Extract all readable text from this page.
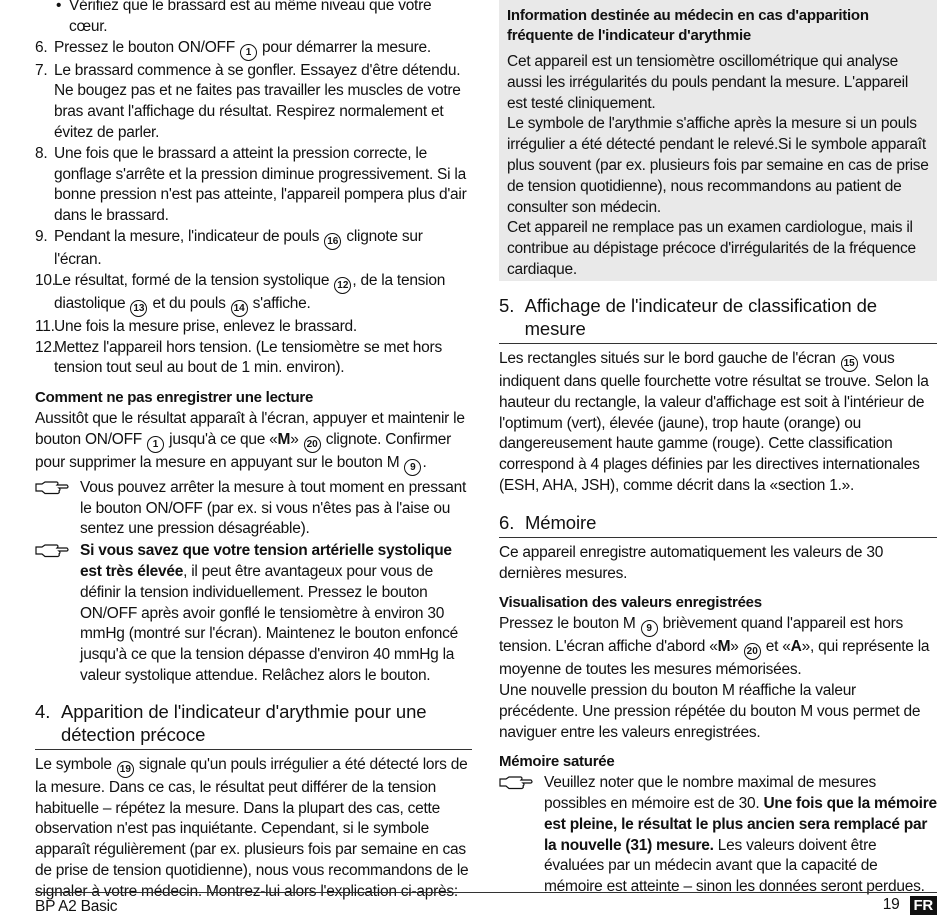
• Vérifiez que le brassard est au même niveau que votre cœur.
6. Pressez le bouton ON/OFF 1 pour démarrer la mesure.
7. Le brassard commence à se gonfler. Essayez d'être détendu. Ne bougez pas et ne faites pas travailler les muscles de votre bras avant l'affichage du résultat. Respirez normalement et évitez de parler.
8. Une fois que le brassard a atteint la pression correcte, le gonflage s'arrête et la pression diminue progressivement. Si la bonne pression n'est pas atteinte, l'appareil pompera plus d'air dans le brassard.
9. Pendant la mesure, l'indicateur de pouls 16 clignote sur l'écran.
10.
Le résultat, formé de la tension systolique 12 , de la tension diastolique 13 et du pouls 14 s'affiche.
11. Une fois la mesure prise, enlevez le brassard.
12.
Mettez l'appareil hors tension. (Le tensiomètre se met hors tension tout seul au bout de 1 min. environ).

Comment ne pas enregistrer une lecture

Aussitôt que le résultat apparaît à l'écran, appuyer et maintenir le bouton ON/OFF 1 jusqu'à ce que «M» 20 clignote. Confirmer pour supprimer la mesure en appuyant sur le bouton M 9 .

Vous pouvez arrêter la mesure à tout moment en pressant le bouton ON/OFF (par ex. si vous n'êtes pas à l'aise ou sentez une pression désagréable).
Si vous savez que votre tension artérielle systolique est très élevée, il peut être avantageux pour vous de définir la tension individuellement. Pressez le bouton ON/OFF après avoir gonflé le tensiomètre à environ 30 mmHg (montré sur l'écran). Maintenez le bouton enfoncé jusqu'à ce que la tension dépasse d'environ 40 mmHg la valeur systolique attendue. Relâchez alors le bouton.
4. Apparition de l'indicateur d'arythmie pour une détection précoce

Le symbole 19 signale qu'un pouls irrégulier a été détecté lors de la mesure. Dans ce cas, le résultat peut différer de la tension habituelle – répétez la mesure. Dans la plupart des cas, cette observation n'est pas inquiétante. Cependant, si le symbole apparaît régulièrement (par ex. plusieurs fois par semaine en cas de prise de tension quotidienne), nous vous recommandons de le signaler à votre médecin. Montrez-lui alors l'explication ci-après:

Information destinée au médecin en cas d'apparition fréquente de l'indicateur d'arythmie

Cet appareil est un tensiomètre oscillométrique qui analyse aussi les irrégularités du pouls pendant la mesure. L'appareil est testé cliniquement.

Le symbole de l'arythmie s'affiche après la mesure si un pouls irrégulier a été détecté pendant le relevé.Si le symbole apparaît plus souvent (par ex. plusieurs fois par semaine en cas de prise de tension quotidienne), nous recommandons au patient de consulter son médecin.

Cet appareil ne remplace pas un examen cardiologue, mais il contribue au dépistage précoce d'irrégularités de la fréquence cardiaque.

5. Affichage de l'indicateur de classification de mesure

Les rectangles situés sur le bord gauche de l'écran 15 vous indiquent dans quelle fourchette votre résultat se trouve. Selon la hauteur du rectangle, la valeur d'affichage est soit à l'intérieur de l'optimum (vert), élevée (jaune), trop haute (orange) ou dangereusement haute gamme (rouge). Cette classification correspond à 4 plages définies par les directives internationales (ESH, AHA, JSH), comme décrit dans la «section 1.».

6. Mémoire

Ce appareil enregistre automatiquement les valeurs de 30 dernières mesures.

Visualisation des valeurs enregistrées

Pressez le bouton M 9 brièvement quand l'appareil est hors tension. L'écran affiche d'abord «M» 20 et «A», qui représente la moyenne de toutes les mesures mémorisées.

Une nouvelle pression du bouton M réaffiche la valeur précédente. Une pression répétée du bouton M vous permet de naviguer entre les valeurs enregistrées.

Mémoire saturée

Veuillez noter que le nombre maximal de mesures possibles en mémoire est de 30. Une fois que la mémoire est pleine, le résultat le plus ancien sera remplacé par la nouvelle (31) mesure. Les valeurs doivent être évaluées par un médecin avant que la capacité de mémoire est atteinte – sinon les données seront perdues.
BP A2 Basic	19 FR
